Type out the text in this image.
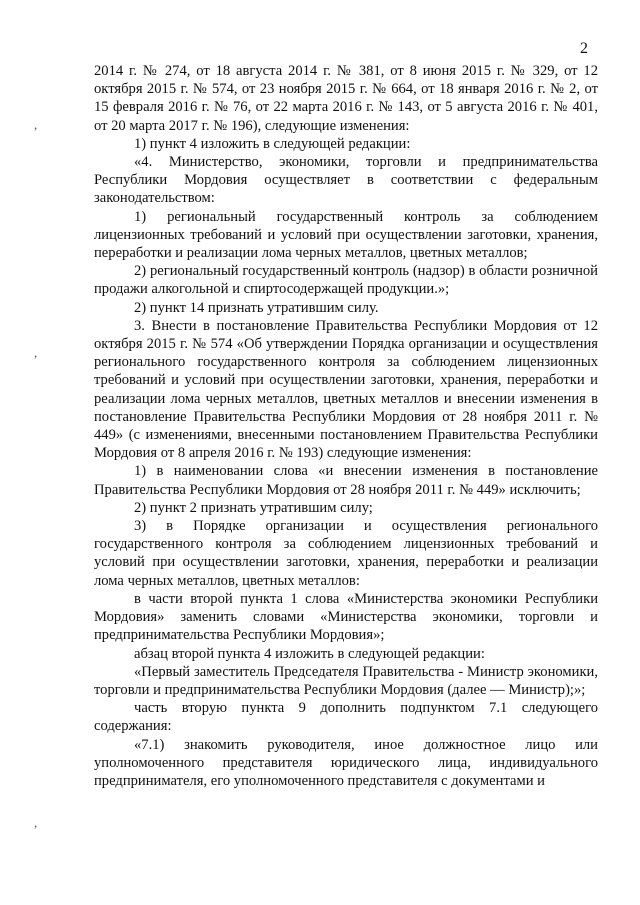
2
,
,
,

2014 г. № 274, от 18 августа 2014 г. № 381, от 8 июня 2015 г. № 329, от 12 октября 2015 г. № 574, от 23 ноября 2015 г. № 664, от 18 января 2016 г. № 2, от 15 февраля 2016 г. № 76, от 22 марта 2016 г. № 143, от 5 августа 2016 г. № 401, от 20 марта 2017 г. № 196), следующие изменения:

1) пункт 4 изложить в следующей редакции:

«4. Министерство, экономики, торговли и предпринимательства Республики Мордовия осуществляет в соответствии с федеральным законодательством:

1) региональный государственный контроль за соблюдением лицензионных требований и условий при осуществлении заготовки, хранения, переработки и реализации лома черных металлов, цветных металлов;

2) региональный государственный контроль (надзор) в области розничной продажи алкогольной и спиртосодержащей продукции.»;

2) пункт 14 признать утратившим силу.

3. Внести в постановление Правительства Республики Мордовия от 12 октября 2015 г. № 574 «Об утверждении Порядка организации и осуществления регионального государственного контроля за соблюдением лицензионных требований и условий при осуществлении заготовки, хранения, переработки и реализации лома черных металлов, цветных металлов и внесении изменения в постановление Правительства Республики Мордовия от 28 ноября 2011 г. № 449» (с изменениями, внесенными постановлением Правительства Республики Мордовия от 8 апреля 2016 г. № 193) следующие изменения:

1) в наименовании слова «и внесении изменения в постановление Правительства Республики Мордовия от 28 ноября 2011 г. № 449» исключить;

2) пункт 2 признать утратившим силу;

3) в Порядке организации и осуществления регионального государственного контроля за соблюдением лицензионных требований и условий при осуществлении заготовки, хранения, переработки и реализации лома черных металлов, цветных металлов:

в части второй пункта 1 слова «Министерства экономики Республики Мордовия» заменить словами «Министерства экономики, торговли и предпринимательства Республики Мордовия»;

абзац второй пункта 4 изложить в следующей редакции:

«Первый заместитель Председателя Правительства - Министр экономики, торговли и предпринимательства Республики Мордовия (далее — Министр);»;

часть вторую пункта 9 дополнить подпунктом 7.1 следующего содержания:

«7.1) знакомить руководителя, иное должностное лицо или уполномоченного представителя юридического лица, индивидуального предпринимателя, его уполномоченного представителя с документами и
